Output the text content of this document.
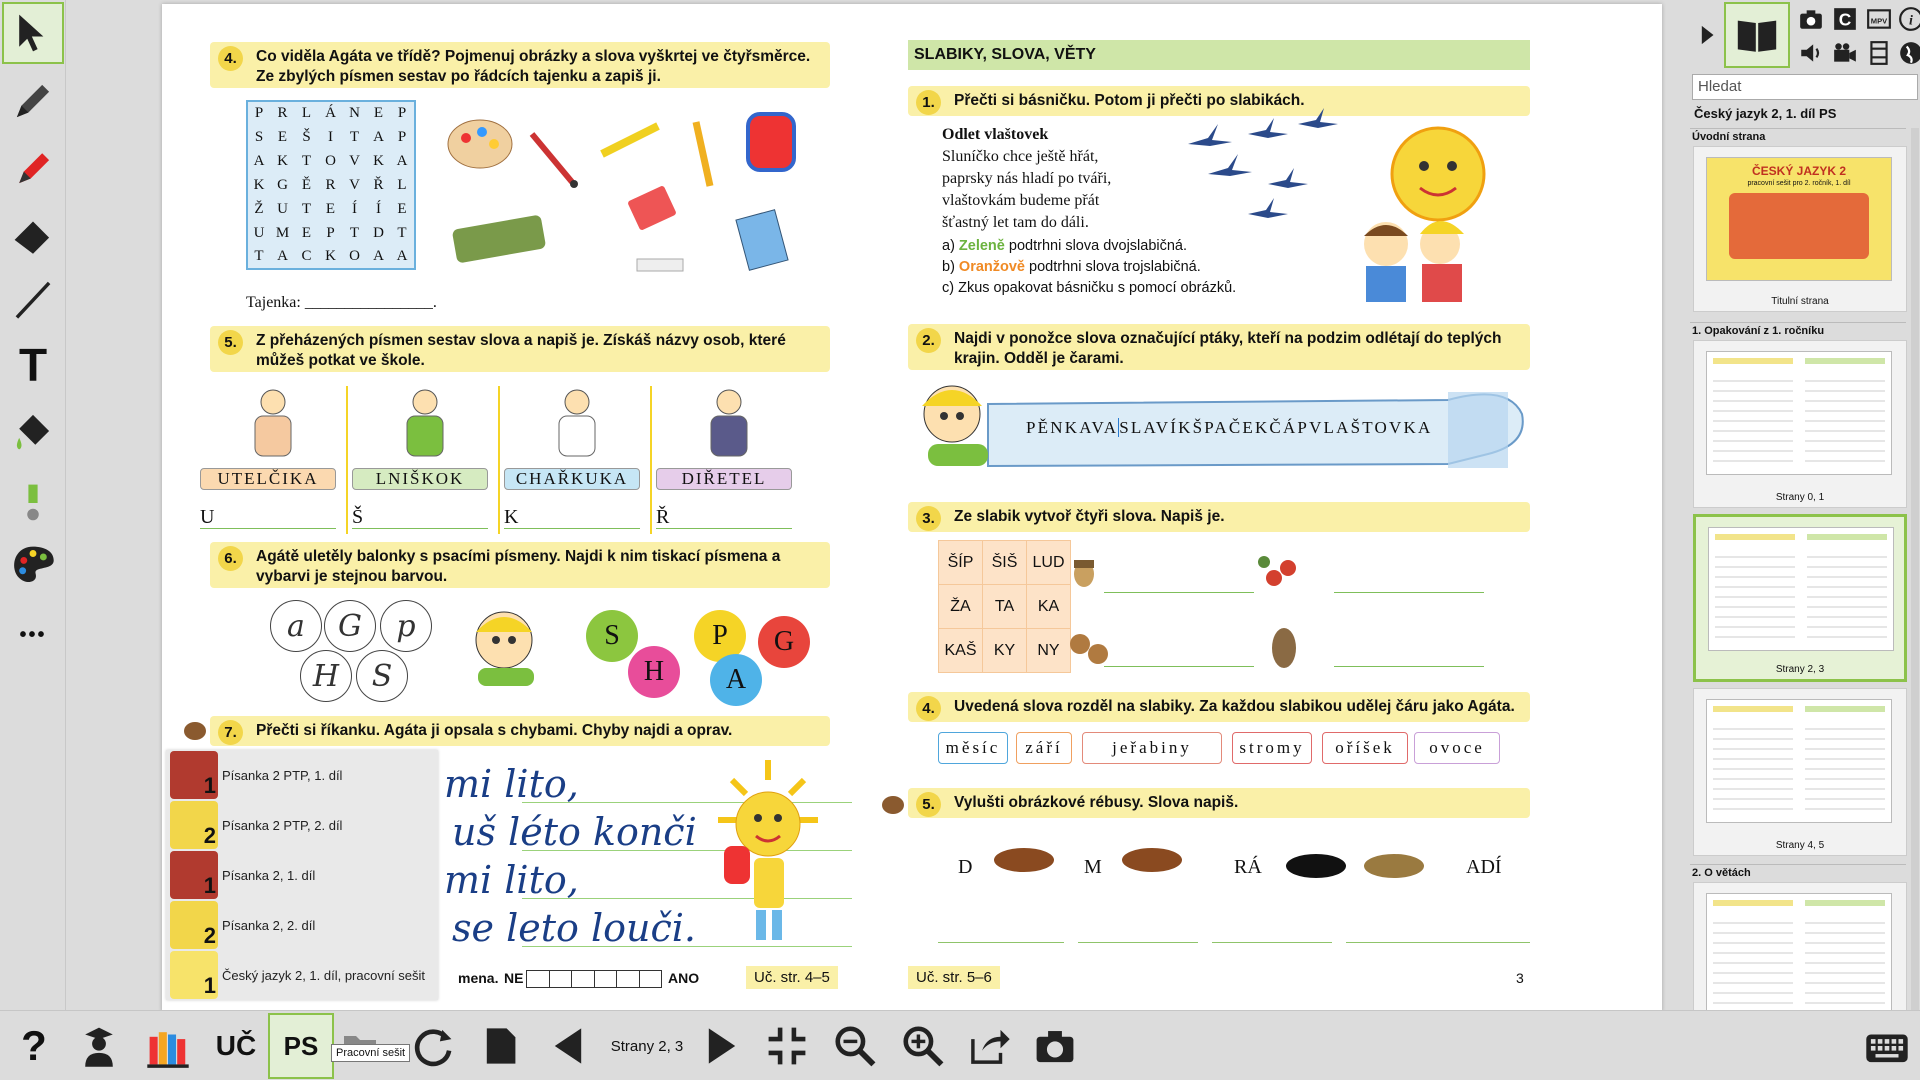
T
•••
4.	Co viděla Agáta ve třídě? Pojmenuj obrázky a slova vyškrtej ve čtyřsměrce. Ze zbylých písmen sestav po řádcích tajenku a zapiš ji.
P	R	L	Á	N	E	P
S	E	Š	I	T	A	P
A	K	T	O	V	K	A
K	G	Ě	R	V	Ř	L
Ž	U	T	E	Í	Í	E
U	M	E	P	T	D	T
T	A	C	K	O	A	A
Tajenka: ________________.
5.	Z přeházených písmen sestav slova a napiš je. Získáš názvy osob, které můžeš potkat ve škole.
UTELČIKA
U
LNIŠKOK
Š
CHAŘKUKA
K
DIŘETEL
Ř
6.	Agátě uletěly balonky s psacími písmeny. Najdi k nim tiskací písmena a vybarvi je stejnou barvou.
a	G	p
H	S
S	P	G
H	A
7.	Přečti si říkanku. Agáta ji opsala s chybami. Chyby najdi a oprav.
mi lito,
uš léto konči
mi lito,
se leto louči.
mena. NE	ANO	Uč. str. 4–5
SLABIKY, SLOVA, VĚTY
1.	Přečti si básničku. Potom ji přečti po slabikách.
Odlet vlaštovek
Sluníčko chce ještě hřát,
paprsky nás hladí po tváři,
vlaštovkám budeme přát
šťastný let tam do dáli.
a) Zeleně podtrhni slova dvojslabičná.
b) Oranžově podtrhni slova trojslabičná.
c) Zkus opakovat básničku s pomocí obrázků.
2.	Najdi v ponožce slova označující ptáky, kteří na podzim odlétají do teplých krajin. Odděl je čarami.
PĚNKAVASLAVÍKŠPAČEKČÁPVLAŠTOVKA
3.	Ze slabik vytvoř čtyři slova. Napiš je.
ŠÍP	ŠIŠ	LUD
ŽA	TA	KA
KAŠ	KY	NY
4.	Uvedená slova rozděl na slabiky. Za každou slabikou udělej čáru jako Agáta.
měsíc	září	jeřabiny	stromy	oříšek	ovoce
5.	Vylušti obrázkové rébusy. Slova napiš.
D	M	RÁ	ADÍ
Uč. str. 5–6	3
1 Písanka 2 PTP, 1. díl
2 Písanka 2 PTP, 2. díl
1 Písanka 2, 1. díl
2 Písanka 2, 2. díl
1 Český jazyk 2, 1. díl, pracovní sešit
C	MPV i
Hledat
Český jazyk 2, 1. díl PS
Úvodní strana
ČESKÝ JAZYK 2
pracovní sešit pro 2. ročník, 1. díl
Titulní strana
1. Opakování z 1. ročníku
Strany 0, 1
Strany 2, 3
Strany 4, 5
2. O větách
?	UČ PS	Strany 2, 3
Pracovní sešit
